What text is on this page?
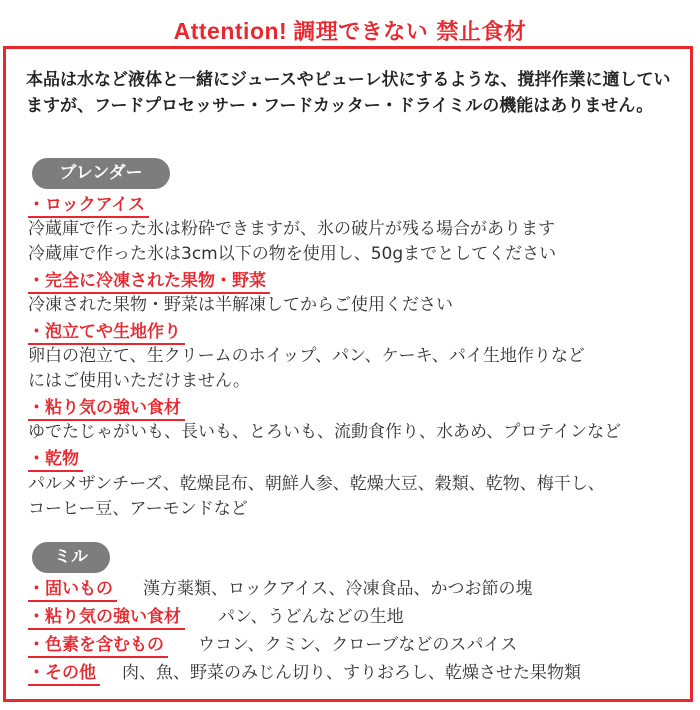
Attention! 調理できない 禁止食材
本品は水など液体と一緒にジュースやピューレ状にするような、撹拌作業に適していますが、フードプロセッサー・フードカッター・ドライミルの機能はありません。
ブレンダー
・ロックアイス
冷蔵庫で作った氷は粉砕できますが、氷の破片が残る場合があります
冷蔵庫で作った氷は3cm以下の物を使用し、50gまでとしてください
・完全に冷凍された果物・野菜
冷凍された果物・野菜は半解凍してからご使用ください
・泡立てや生地作り
卵白の泡立て、生クリームのホイップ、パン、ケーキ、パイ生地作りなど
にはご使用いただけません。
・粘り気の強い食材
ゆでたじゃがいも、長いも、とろいも、流動食作り、水あめ、プロテインなど
・乾物
パルメザンチーズ、乾燥昆布、朝鮮人参、乾燥大豆、穀類、乾物、梅干し、
コーヒー豆、アーモンドなど
ミル
・固いもの 漢方薬類、ロックアイス、冷凍食品、かつお節の塊
・粘り気の強い食材 パン、うどんなどの生地
・色素を含むもの ウコン、クミン、クローブなどのスパイス
・その他 肉、魚、野菜のみじん切り、すりおろし、乾燥させた果物類
